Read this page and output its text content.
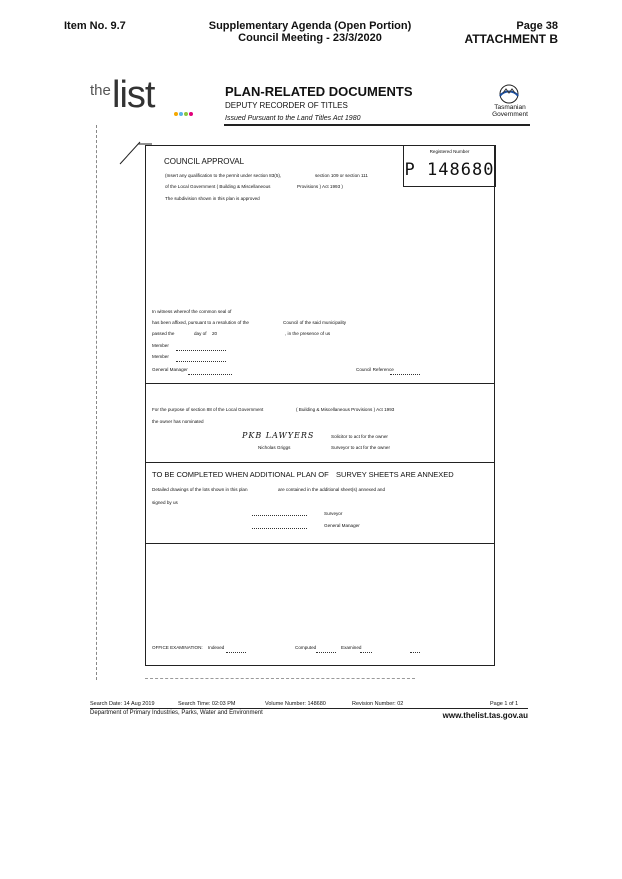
Item No. 9.7	Supplementary Agenda (Open Portion)
Council Meeting - 23/3/2020
Page 38
ATTACHMENT B
the list	PLAN-RELATED DOCUMENTS
DEPUTY RECORDER OF TITLES
Issued Pursuant to the Land Titles Act 1980
Tasmanian
Government
Registered Number
P 148680
COUNCIL APPROVAL
(Insert any qualification to the permit under section 83(5),	section 109 or section 111
of the Local Government ( Building & Miscellaneous	Provisions ) Act 1993 )
The subdivision shown in this plan is approved
In witness whereof the common seal of
has been affixed, pursuant to a resolution of the	Council of the said municipality
passed the	day of 20	, in the presence of us
Member
Member
General Manager	Council Reference
For the purpose of section 88 of the Local Government	( Building & Miscellaneous Provisions ) Act 1993
the owner has nominated
PKB LAWYERS	Solicitor to act for the owner
Nicholas Griggs	Surveyor to act for the owner
TO BE COMPLETED WHEN ADDITIONAL PLAN OF SURVEY SHEETS ARE ANNEXED
Detailed drawings of the lots shown in this plan	are contained in the additional sheet(s) annexed and
signed by us
Surveyor
General Manager
OFFICE EXAMINATION: Indexed	Computed	Examined
Search Date: 14 Aug 2019	Search Time: 02:03 PM	Volume Number: 148680	Revision Number: 02	Page 1 of 1
Department of Primary Industries, Parks, Water and Environment	www.thelist.tas.gov.au
